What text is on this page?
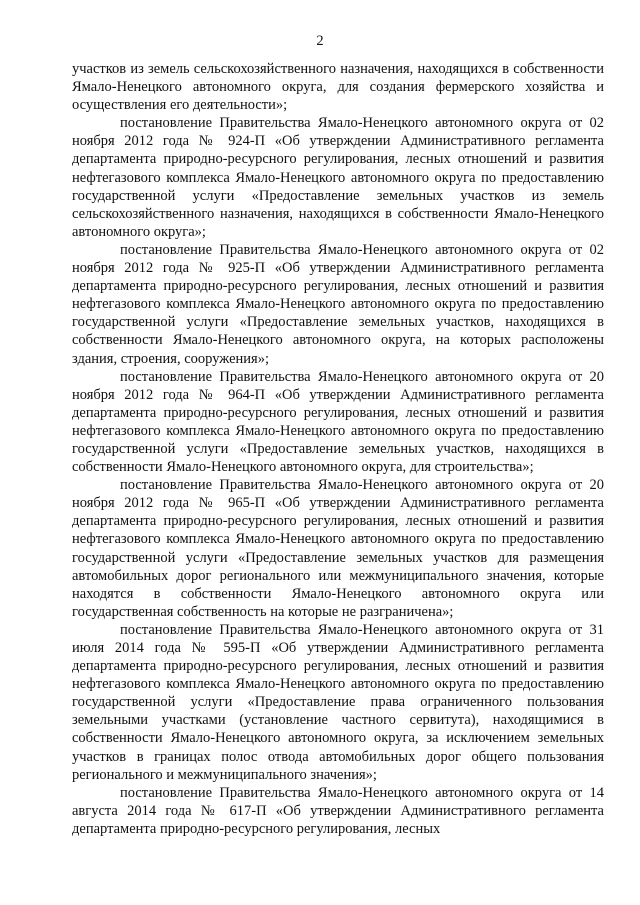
2

участков из земель сельскохозяйственного назначения, находящихся в собственности Ямало-Ненецкого автономного округа, для создания фермерского хозяйства и осуществления его деятельности»;

постановление Правительства Ямало-Ненецкого автономного округа от 02 ноября 2012 года № 924-П «Об утверждении Административного регламента департамента природно-ресурсного регулирования, лесных отношений и развития нефтегазового комплекса Ямало-Ненецкого автономного округа по предоставлению государственной услуги «Предоставление земельных участков из земель сельскохозяйственного назначения, находящихся в собственности Ямало-Ненецкого автономного округа»;

постановление Правительства Ямало-Ненецкого автономного округа от 02 ноября 2012 года № 925-П «Об утверждении Административного регламента департамента природно-ресурсного регулирования, лесных отношений и развития нефтегазового комплекса Ямало-Ненецкого автономного округа по предоставлению государственной услуги «Предоставление земельных участков, находящихся в собственности Ямало-Ненецкого автономного округа, на которых расположены здания, строения, сооружения»;

постановление Правительства Ямало-Ненецкого автономного округа от 20 ноября 2012 года № 964-П «Об утверждении Административного регламента департамента природно-ресурсного регулирования, лесных отношений и развития нефтегазового комплекса Ямало-Ненецкого автономного округа по предоставлению государственной услуги «Предоставление земельных участков, находящихся в собственности Ямало-Ненецкого автономного округа, для строительства»;

постановление Правительства Ямало-Ненецкого автономного округа от 20 ноября 2012 года № 965-П «Об утверждении Административного регламента департамента природно-ресурсного регулирования, лесных отношений и развития нефтегазового комплекса Ямало-Ненецкого автономного округа по предоставлению государственной услуги «Предоставление земельных участков для размещения автомобильных дорог регионального или межмуниципального значения, которые находятся в собственности Ямало-Ненецкого автономного округа или государственная собственность на которые не разграничена»;

постановление Правительства Ямало-Ненецкого автономного округа от 31 июля 2014 года № 595-П «Об утверждении Административного регламента департамента природно-ресурсного регулирования, лесных отношений и развития нефтегазового комплекса Ямало-Ненецкого автономного округа по предоставлению государственной услуги «Предоставление права ограниченного пользования земельными участками (установление частного сервитута), находящимися в собственности Ямало-Ненецкого автономного округа, за исключением земельных участков в границах полос отвода автомобильных дорог общего пользования регионального и межмуниципального значения»;

постановление Правительства Ямало-Ненецкого автономного округа от 14 августа 2014 года № 617-П «Об утверждении Административного регламента департамента природно-ресурсного регулирования, лесных
